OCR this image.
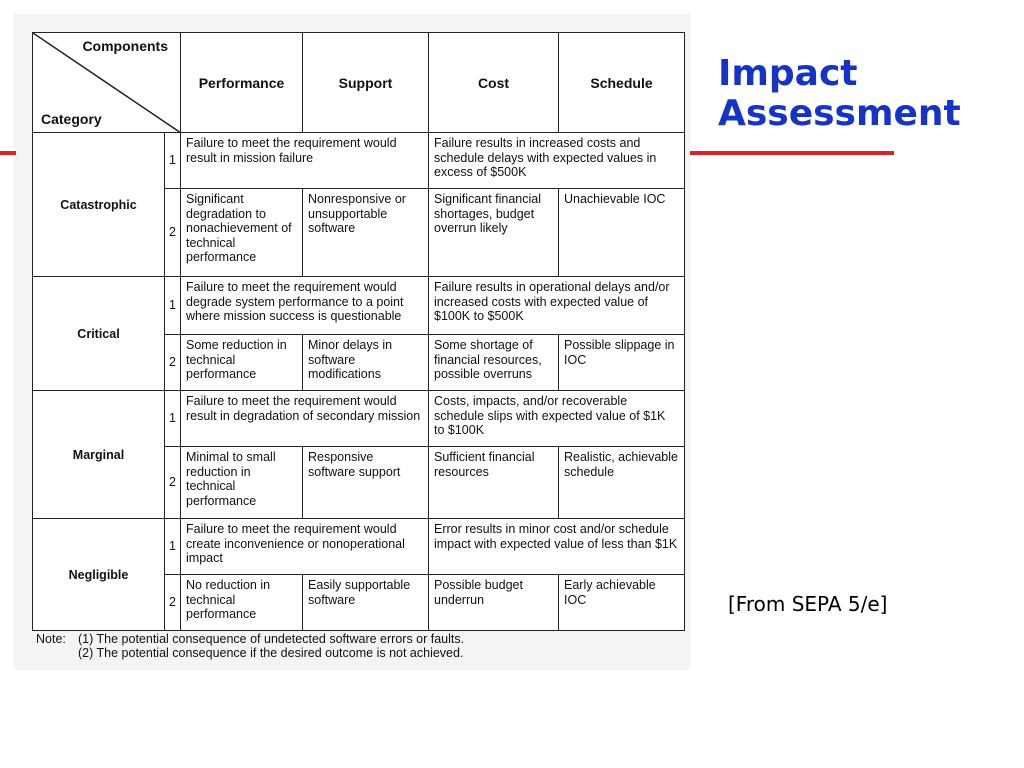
Impact
Assessment
Components
Category		Performance	Support	Cost	Schedule
Catastrophic	1	Failure to meet the requirement would result in mission failure		Failure results in increased costs and schedule delays with expected values in excess of $500K	
	2	Significant degradation to nonachievement of technical performance	Nonresponsive or unsupportable software	Significant financial shortages, budget overrun likely	Unachievable IOC
Critical	1	Failure to meet the requirement would degrade system performance to a point where mission success is questionable		Failure results in operational delays and/or increased costs with expected value of $100K to $500K	
	2	Some reduction in technical performance	Minor delays in software modifications	Some shortage of financial resources, possible overruns	Possible slippage in IOC
Marginal	1	Failure to meet the requirement would result in degradation of secondary mission		Costs, impacts, and/or recoverable schedule slips with expected value of $1K to $100K	
	2	Minimal to small reduction in technical performance	Responsive software support	Sufficient financial resources	Realistic, achievable schedule
Negligible	1	Failure to meet the requirement would create inconvenience or nonoperational impact		Error results in minor cost and/or schedule impact with expected value of less than $1K	
	2	No reduction in technical performance	Easily supportable software	Possible budget underrun	Early achievable IOC
Note: (1) The potential consequence of undetected software errors or faults.
(2) The potential consequence if the desired outcome is not achieved.
[From SEPA 5/e]
